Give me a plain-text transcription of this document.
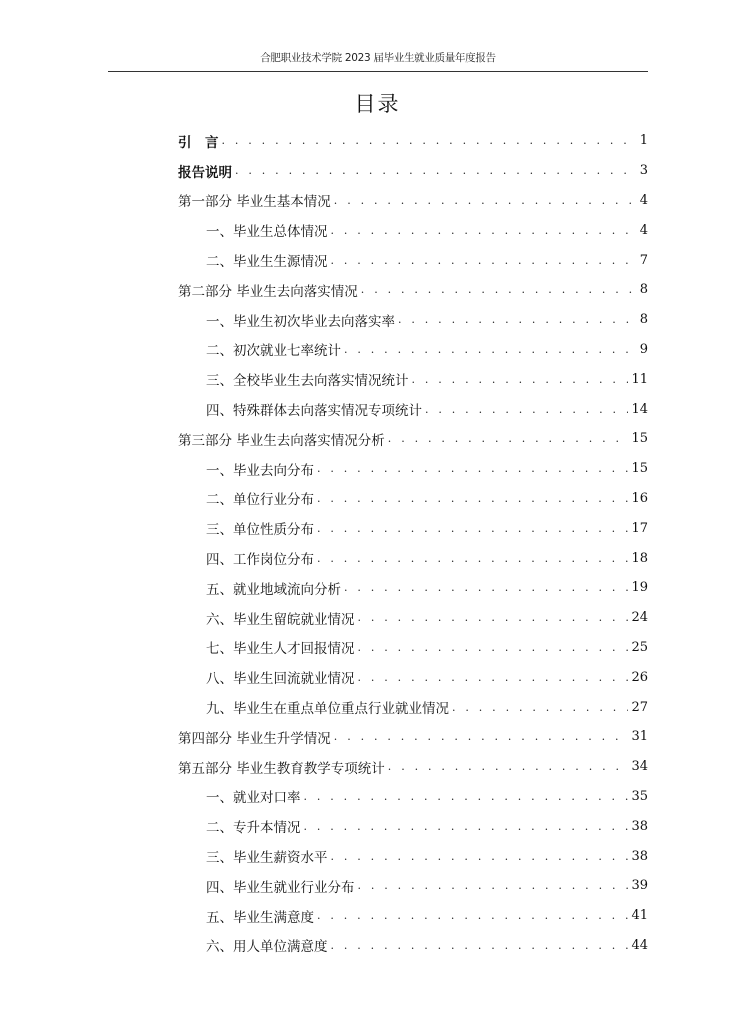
合肥职业技术学院 2023 届毕业生就业质量年度报告
目录
引　言 . . .	1
报告说明 . . .	3
第一部分 毕业生基本情况 . . .	4
一、 毕业生总体情况 . . .	4
二、 毕业生生源情况 . . .	7
第二部分 毕业生去向落实情况 . . .	8
一、 毕业生初次毕业去向落实率 . . .	8
二、 初次就业七率统计 . . .	9
三、 全校毕业生去向落实情况统计 . . .	11
四、 特殊群体去向落实情况专项统计 . . .	14
第三部分 毕业生去向落实情况分析 . . .	15
一、 毕业去向分布 . . .	15
二、 单位行业分布 . . .	16
三、 单位性质分布 . . .	17
四、 工作岗位分布 . . .	18
五、 就业地域流向分析 . . .	19
六、 毕业生留皖就业情况 . . .	24
七、 毕业生人才回报情况 . . .	25
八、 毕业生回流就业情况 . . .	26
九、 毕业生在重点单位重点行业就业情况 . . .	27
第四部分 毕业生升学情况 . . .	31
第五部分 毕业生教育教学专项统计 . . .	34
一、 就业对口率 . . .	35
二、 专升本情况 . . .	38
三、 毕业生薪资水平 . . .	38
四、 毕业生就业行业分布 . . .	39
五、 毕业生满意度 . . .	41
六、 用人单位满意度 . . .	44
